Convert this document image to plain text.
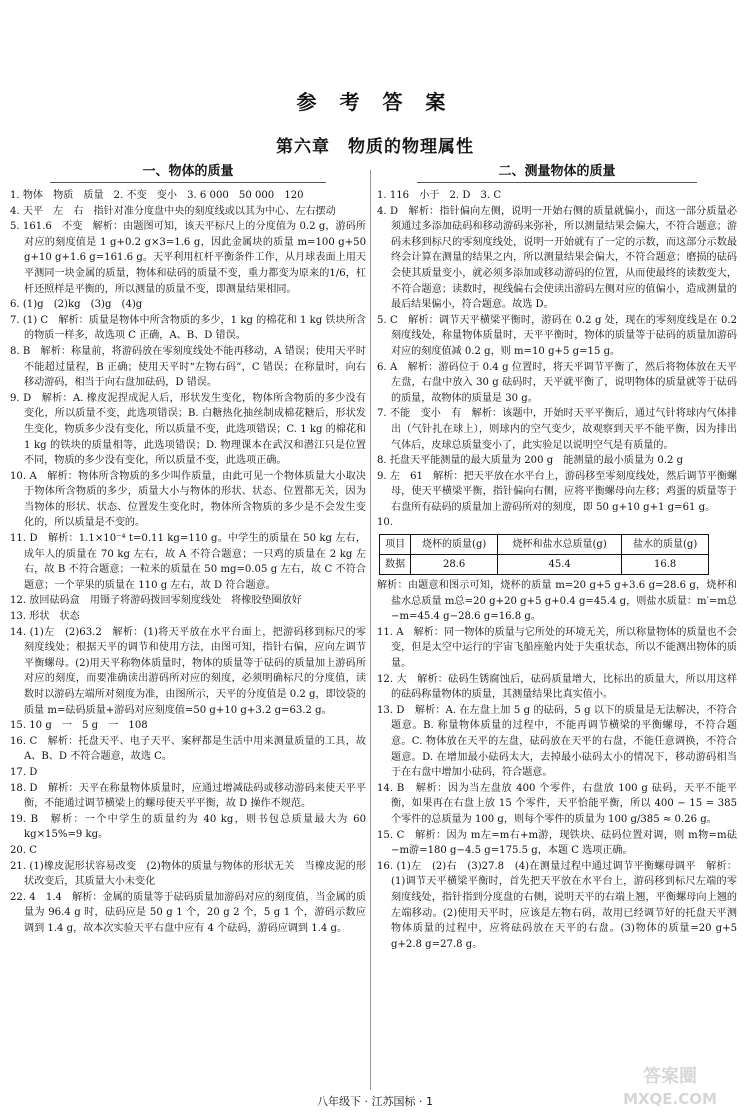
参 考 答 案
第六章　物质的物理属性
一、物体的质量

1. 物体　物质　质量　2. 不变　变小　3. 6 000　50 000　120

4. 天平　左　右　指针对准分度盘中央的刻度线或以其为中心、左右摆动

5. 161.6　不变　解析：由题图可知，该天平标尺上的分度值为 0.2 g，游码所对应的刻度值是 1 g+0.2 g×3=1.6 g，因此金属块的质量 m=100 g+50 g+10 g+1.6 g=161.6 g。天平利用杠杆平衡条件工作，从月球表面上用天平测同一块金属的质量，物体和砝码的质量不变，重力都变为原来的1/6，杠杆还照样是平衡的，所以测量的质量不变，即测量结果相同。

6. (1)g　(2)kg　(3)g　(4)g

7. (1) C　解析：质量是物体中所含物质的多少，1 kg 的棉花和 1 kg 铁块所含的物质一样多，故选项 C 正确，A、B、D 错误。

8. B　解析：称量前，将游码放在零刻度线处不能再移动，A 错误；使用天平时不能超过量程，B 正确；使用天平时“左物右码”，C 错误；在称量时，向右移动游码，相当于向右盘加砝码，D 错误。

9. D　解析：A. 橡皮泥捏成泥人后，形状发生变化，物体所含物质的多少没有变化，所以质量不变，此选项错误；B. 白糖热化抽丝制成棉花糖后，形状发生变化，物质多少没有变化，所以质量不变，此选项错误；C. 1 kg 的棉花和 1 kg 的铁块的质量相等，此选项错误；D. 物理课本在武汉和潜江只是位置不同，物质的多少没有变化，所以质量不变，此选项正确。

10. A　解析：物体所含物质的多少叫作质量，由此可见一个物体质量大小取决于物体所含物质的多少，质量大小与物体的形状、状态、位置都无关，因为当物体的形状、状态、位置发生变化时，物体所含物质的多少是不会发生变化的，所以质量是不变的。

11. D　解析：1.1×10⁻⁴ t=0.11 kg=110 g。中学生的质量在 50 kg 左右，成年人的质量在 70 kg 左右，故 A 不符合题意；一只鸡的质量在 2 kg 左右，故 B 不符合题意；一粒米的质量在 50 mg=0.05 g 左右，故 C 不符合题意；一个苹果的质量在 110 g 左右，故 D 符合题意。

12. 放回砝码盒　用镊子将游码拨回零刻度线处　将橡胶垫圈放好

13. 形状　状态

14. (1)左　(2)63.2　解析：(1)将天平放在水平台面上，把游码移到标尺的零刻度线处；根据天平的调节和使用方法，由图可知，指针右偏，应向左调节平衡螺母。(2)用天平称物体质量时，物体的质量等于砝码的质量加上游码所对应的刻度，而要准确读出游码所对应的刻度，必须明确标尺的分度值，读数时以游码左端所对刻度为准，由图所示，天平的分度值是 0.2 g，即饺袋的质量 m=砝码质量+游码对应刻度值=50 g+10 g+3.2 g=63.2 g。

15. 10 g　一　5 g　一　108

16. C　解析：托盘天平、电子天平、案秤都是生活中用来测量质量的工具，故 A、B、D 不符合题意，故选 C。

17. D

18. D　解析：天平在称量物体质量时，应通过增减砝码或移动游码来使天平平衡，不能通过调节横梁上的螺母使天平平衡，故 D 操作不规范。

19. B　解析：一个中学生的质量约为 40 kg，则书包总质量最大为 60 kg×15%=9 kg。

20. C

21. (1)橡皮泥形状容易改变　(2)物体的质量与物体的形状无关　当橡皮泥的形状改变后，其质量大小未变化

22. 4　1.4　解析：金属的质量等于砝码质量加游码对应的刻度值，当金属的质量为 96.4 g 时，砝码应是 50 g 1 个，20 g 2 个，5 g 1 个，游码示数应调到 1.4 g，故本次实验天平右盘中应有 4 个砝码，游码应调到 1.4 g。

二、测量物体的质量

1. 116　小于　2. D　3. C

4. D　解析：指针偏向左侧，说明一开始右侧的质量就偏小，而这一部分质量必须通过多添加砝码和移动游码来弥补，所以测量结果会偏大，不符合题意；游码未移到标尺的零刻度线处，说明一开始就有了一定的示数，而这部分示数最终会计算在测量的结果之内，所以测量结果会偏大，不符合题意；磨损的砝码会使其质量变小，就必须多添加或移动游码的位置，从而使最终的读数变大，不符合题意；读数时，视线偏右会使读出游码左侧对应的值偏小，造成测量的最后结果偏小，符合题意。故选 D。

5. C　解析：调节天平横梁平衡时，游码在 0.2 g 处，现在的零刻度线是在 0.2 刻度线处，称量物体质量时，天平平衡时，物体的质量等于砝码的质量加游码对应的刻度值减 0.2 g，则 m=10 g+5 g=15 g。

6. A　解析：游码位于 0.4 g 位置时，将天平调节平衡了，然后将物体放在天平左盘，右盘中放入 30 g 砝码时，天平就平衡了，说明物体的质量就等于砝码的质量，故物体的质量是 30 g。

7. 不能　变小　有　解析：该题中，开始时天平平衡后，通过气针将球内气体排出（气针扎在球上），则球内的空气变少，故观察到天平不能平衡，因为排出气体后，皮球总质量变小了，此实验足以说明空气是有质量的。

8. 托盘天平能测量的最大质量为 200 g　能测量的最小质量为 0.2 g

9. 左　61　解析：把天平放在水平台上，游码移至零刻度线处，然后调节平衡螺母，使天平横梁平衡，指针偏向右侧，应将平衡螺母向左移；鸡蛋的质量等于右盘所有砝码的质量加上游码所对的刻度，即 50 g+10 g+1 g=61 g。

10.

项目	烧杯的质量(g)	烧杯和盐水总质量(g)	盐水的质量(g)
数据	28.6	45.4	16.8

解析：由题意和图示可知，烧杯的质量 m=20 g+5 g+3.6 g=28.6 g，烧杯和盐水总质量 m总=20 g+20 g+5 g+0.4 g=45.4 g，则盐水质量：m′=m总−m=45.4 g−28.6 g=16.8 g。

11. A　解析：同一物体的质量与它所处的环境无关，所以称量物体的质量也不会变，但是太空中运行的宇宙飞船座舱内处于失重状态，所以不能测出物体的质量。

12. 大　解析：砝码生锈腐蚀后，砝码质量增大，比标出的质量大，所以用这样的砝码称量物体的质量，其测量结果比真实值小。

13. D　解析：A. 在左盘上加 5 g 的砝码，5 g 以下的质量是无法解决，不符合题意。B. 称量物体质量的过程中，不能再调节横梁的平衡螺母，不符合题意。C. 物体放在天平的左盘，砝码放在天平的右盘，不能任意调换，不符合题意。D. 在增加最小砝码太大，去掉最小砝码太小的情况下，移动游码相当于在右盘中增加小砝码，符合题意。

14. B　解析：因为当左盘放 400 个零件，右盘放 100 g 砝码，天平不能平衡，如果再在右盘上放 15 个零件，天平恰能平衡，所以 400 − 15 = 385 个零件的总质量为 100 g，则每个零件的质量为 100 g/385 ≈ 0.26 g。

15. C　解析：因为 m左=m右+m游，现铁块、砝码位置对调，则 m物=m砝−m游=180 g−4.5 g=175.5 g，本题 C 选项正确。

16. (1)左　(2)右　(3)27.8　(4)在测量过程中通过调节平衡螺母调平　解析：(1)调节天平横梁平衡时，首先把天平放在水平台上，游码移到标尺左端的零刻度线处，指针指到分度盘的右侧，说明天平的右端上翘，平衡螺母向上翘的左端移动。(2)使用天平时，应该是左物右码，故用已经调节好的托盘天平测物体质量的过程中，应将砝码放在天平的右盘。(3)物体的质量=20 g+5 g+2.8 g=27.8 g。

八年级下 · 江苏国标 · 1
答案圈
MXQE.COM
